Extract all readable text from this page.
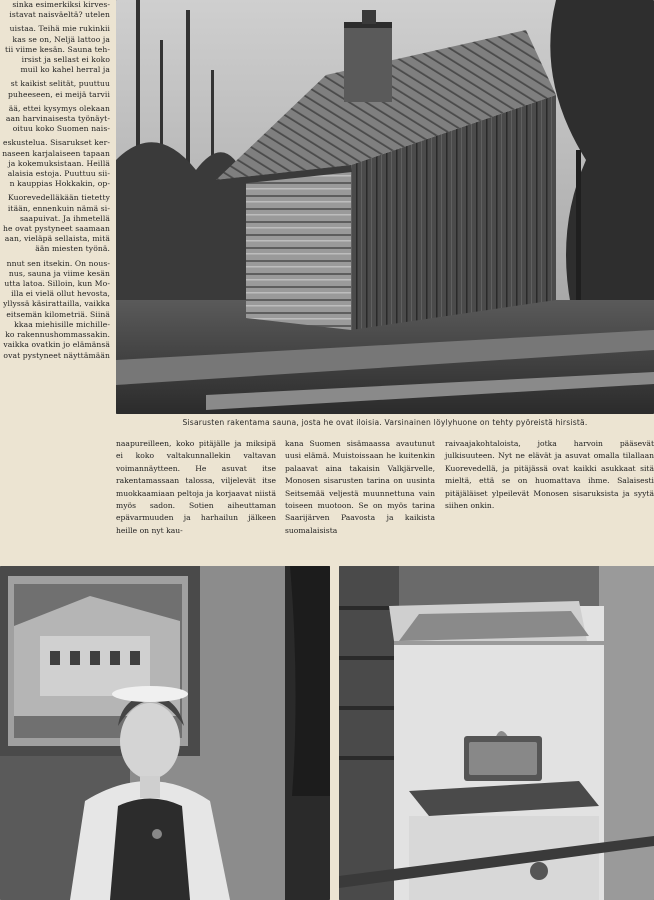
sinka esimerkiksi kirves-

istavat naisväeltä? utelen

uistaa. Teihä mie rukinkii

kas se on, Neljä lattoo ja

tii viime kesän. Sauna teh-

irsist ja sellast ei koko

muil ko kahel herral ja

st kaikist selität, puuttuu

puheeseen, ei meijä tarvii

ää, ettei kysymys olekaan

aan harvinaisesta työnäyt-

oituu koko Suomen nais-

eskustelua. Sisarukset ker-

naseen karjalaiseen tapaan

ja kokemuksistaan. Heillä

alaisia estoja. Puuttuu sii-

n kauppias Hokkakin, op-

Kuorevedelläkään tietetty

itään, ennenkuin nämä si-

saapuivat. Ja ihmetellä

he ovat pystyneet saamaan

aan, vieläpä sellaista, mitä

ään miesten työnä.

nnut sen itsekin. On nous-

nus, sauna ja viime kesän

utta latoa. Silloin, kun Mo-

illa ei vielä ollut hevosta,

yllyssä käsirattailla, vaikka

eitsemän kilometriä. Siinä

kkaa miehisille michille-

ko rakennushommassakin.

vaikka ovatkin jo elämänsä

ovat pystyneet näyttämään

Sisarusten rakentama sauna, josta he ovat iloisia. Varsinainen löylyhuone on tehty pyöreistä hirsistä.

naapureilleen, koko pitäjälle ja miksipä ei koko valtakunnallekin valtavan voimannäytteen. He asuvat itse rakentamassaan talossa, viljelevät itse muokkaamiaan peltoja ja korjaavat niistä myös sadon. Sotien aiheuttaman epävarmuuden ja harhailun jälkeen heille on nyt kau-

kana Suomen sisämaassa avautunut uusi elämä. Muistoissaan he kuitenkin palaavat aina takaisin Valkjärvelle, Monosen sisarusten tarina on uusinta Seitsemää veljestä muunnettuna vain toiseen muotoon. Se on myös tarina Saarijärven Paavosta ja kaikista suomalaisista

raivaajakohtaloista, jotka harvoin pääsevät julkisuuteen. Nyt ne elävät ja asuvat omalla tilallaan Kuorevedellä, ja pitäjässä ovat kaikki asukkaat sitä mieltä, että se on huomattava ihme. Salaisesti pitäjäläiset ylpeilevät Monosen sisaruksista ja syytä siihen onkin.
